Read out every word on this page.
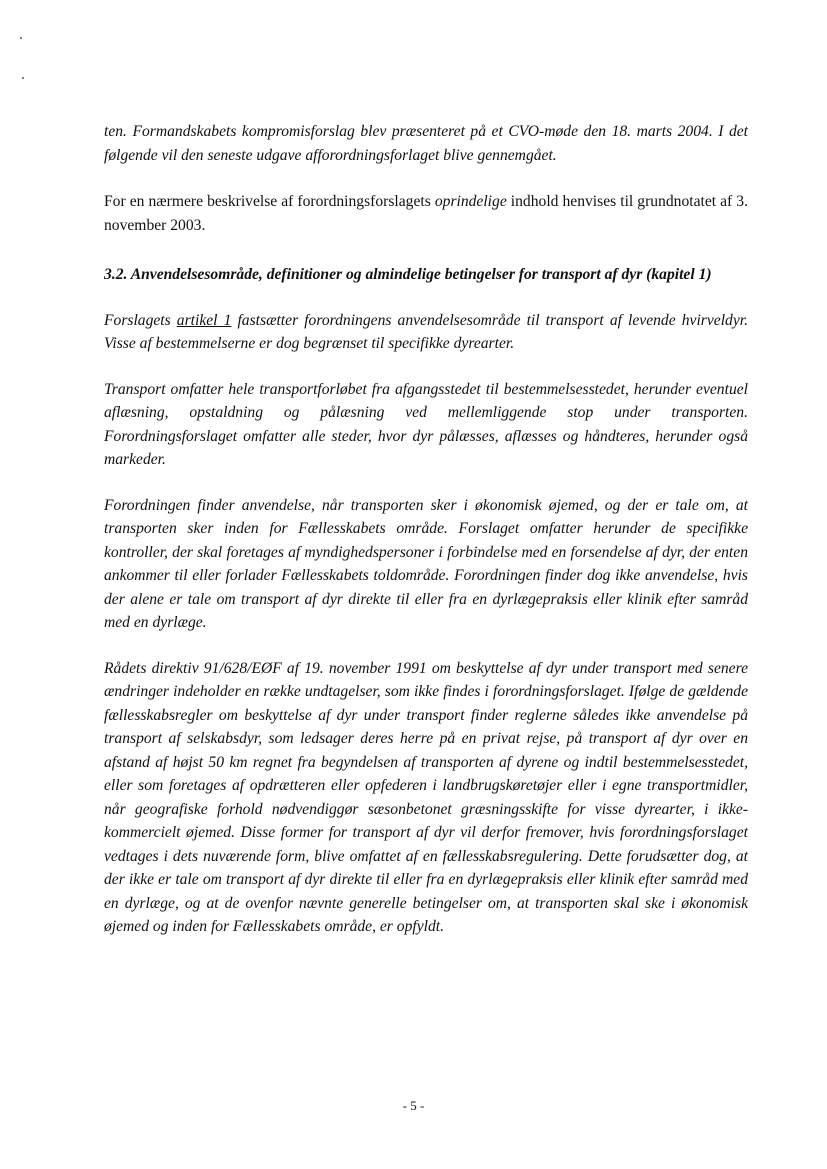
ten. Formandskabets kompromisforslag blev præsenteret på et CVO-møde den 18. marts 2004. I det følgende vil den seneste udgave afforordningsforlaget blive gennemgået.

For en nærmere beskrivelse af forordningsforslagets oprindelige indhold henvises til grundnotatet af 3. november 2003.

3.2. Anvendelsesområde, definitioner og almindelige betingelser for transport af dyr (kapitel 1)

Forslagets artikel 1 fastsætter forordningens anvendelsesområde til transport af levende hvirveldyr. Visse af bestemmelserne er dog begrænset til specifikke dyrearter.

Transport omfatter hele transportforløbet fra afgangsstedet til bestemmelsesstedet, herunder eventuel aflæsning, opstaldning og pålæsning ved mellemliggende stop under transporten. Forordningsforslaget omfatter alle steder, hvor dyr pålæsses, aflæsses og håndteres, herunder også markeder.

Forordningen finder anvendelse, når transporten sker i økonomisk øjemed, og der er tale om, at transporten sker inden for Fællesskabets område. Forslaget omfatter herunder de specifikke kontroller, der skal foretages af myndighedspersoner i forbindelse med en forsendelse af dyr, der enten ankommer til eller forlader Fællesskabets toldområde. Forordningen finder dog ikke anvendelse, hvis der alene er tale om transport af dyr direkte til eller fra en dyrlægepraksis eller klinik efter samråd med en dyrlæge.

Rådets direktiv 91/628/EØF af 19. november 1991 om beskyttelse af dyr under transport med senere ændringer indeholder en række undtagelser, som ikke findes i forordningsforslaget. Ifølge de gældende fællesskabsregler om beskyttelse af dyr under transport finder reglerne således ikke anvendelse på transport af selskabsdyr, som ledsager deres herre på en privat rejse, på transport af dyr over en afstand af højst 50 km regnet fra begyndelsen af transporten af dyrene og indtil bestemmelsesstedet, eller som foretages af opdrætteren eller opfederen i landbrugskøretøjer eller i egne transportmidler, når geografiske forhold nødvendiggør sæsonbetonet græsningsskifte for visse dyrearter, i ikke-kommercielt øjemed. Disse former for transport af dyr vil derfor fremover, hvis forordningsforslaget vedtages i dets nuværende form, blive omfattet af en fællesskabsregulering. Dette forudsætter dog, at der ikke er tale om transport af dyr direkte til eller fra en dyrlægepraksis eller klinik efter samråd med en dyrlæge, og at de ovenfor nævnte generelle betingelser om, at transporten skal ske i økonomisk øjemed og inden for Fællesskabets område, er opfyldt.

- 5 -
